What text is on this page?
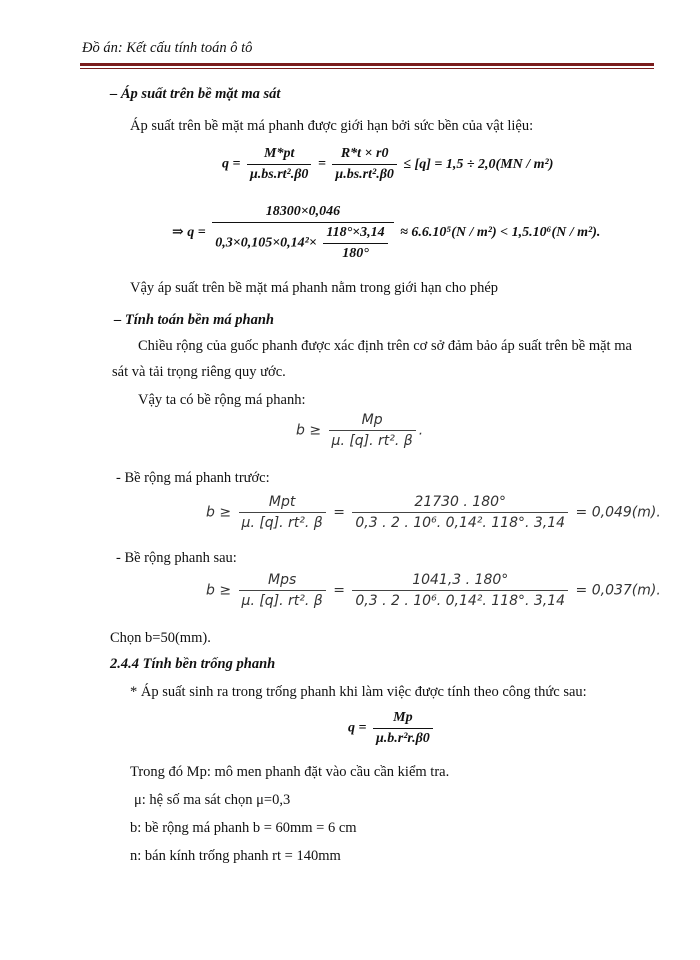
Đồ án: Kết cấu tính toán ô tô
– Áp suất trên bề mặt ma sát
Áp suất trên bề mặt má phanh được giới hạn bởi sức bền của vật liệu:
$q = \frac{M*pt}{\text{μ.bs.rt².β0}} = \frac{R*t \times r0}{\text{μ.bs.rt².β0}} \le [q] = 1,5 \div 2,0(MN / m^2)$
⇒ $q = \frac{18300\times 0,046}{0,3\times 0,105\times 0,14^2\times \frac{118^\circ\times 3,14}{180^\circ}} \approx 6.6.10^5(N / m^2) < 1,5.10^6(N / m^2)$.
Vậy áp suất trên bề mặt má phanh nằm trong giới hạn cho phép
– Tính toán bền má phanh
Chiều rộng của guốc phanh được xác định trên cơ sở đảm bảo áp suất trên bề mặt ma
sát và tải trọng riêng quy ước.
Vậy ta có bề rộng má phanh:
$b \ge \frac{Mp}{\text{μ. [q]. rt². β}}$ .
- Bề rộng má phanh trước:
$b \ge \frac{\text{Mpt}}{\text{μ. [q]. rt². β}} = \frac{21730 . 180^\circ}{\text{0,3 . 2 . 10⁶. 0,14². 118°. 3,14}} = 0,049(m)$.
- Bề rộng phanh sau:
$b \ge \frac{\text{Mps}}{\text{μ. [q]. rt². β}} = \frac{1041,3 . 180^\circ}{\text{0,3 . 2 . 10⁶. 0,14². 118°. 3,14}} = 0,037(m)$.
Chọn b=50(mm).
2.4.4 Tính bền trống phanh
* Áp suất sinh ra trong trống phanh khi làm việc được tính theo công thức sau:
$q = \frac{Mp}{\text{μ.b.r²r.β0}}$
Trong đó Mp: mô men phanh đặt vào cầu cần kiểm tra.
μ: hệ số ma sát chọn μ=0,3
b: bề rộng má phanh b = 60mm = 6 cm
n: bán kính trống phanh rt = 140mm
